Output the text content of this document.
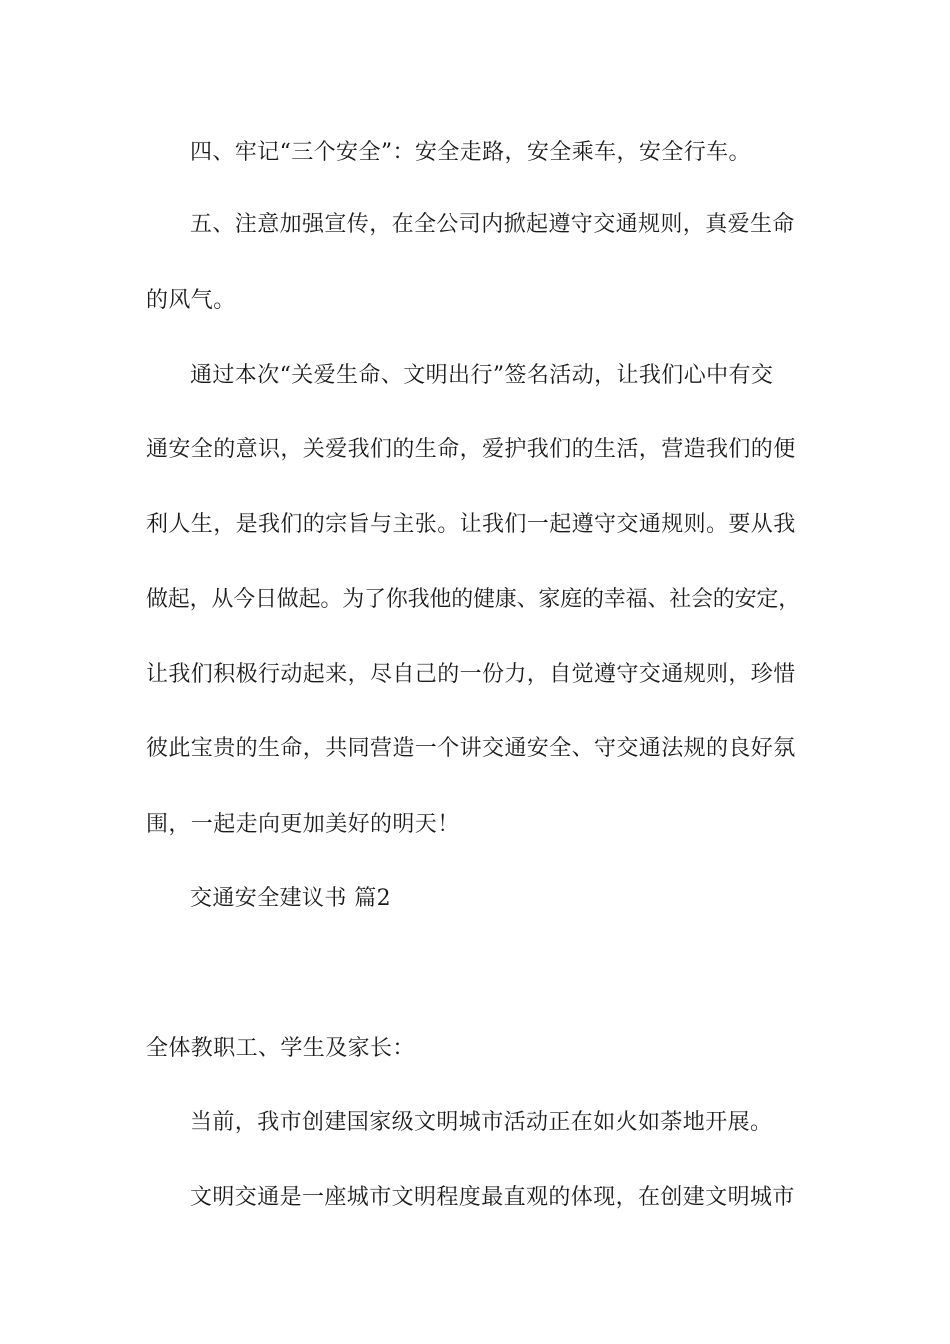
四、牢记“三个安全”：安全走路，安全乘车，安全行车。
五、注意加强宣传，在全公司内掀起遵守交通规则，真爱生命
的风气。
通过本次“关爱生命、文明出行”签名活动，让我们心中有交
通安全的意识，关爱我们的生命，爱护我们的生活，营造我们的便
利人生，是我们的宗旨与主张。让我们一起遵守交通规则。要从我
做起，从今日做起。为了你我他的健康、家庭的幸福、社会的安定，
让我们积极行动起来，尽自己的一份力，自觉遵守交通规则，珍惜
彼此宝贵的生命，共同营造一个讲交通安全、守交通法规的良好氛
围，一起走向更加美好的明天！
交通安全建议书 篇2
全体教职工、学生及家长：
当前，我市创建国家级文明城市活动正在如火如荼地开展。
文明交通是一座城市文明程度最直观的体现，在创建文明城市
